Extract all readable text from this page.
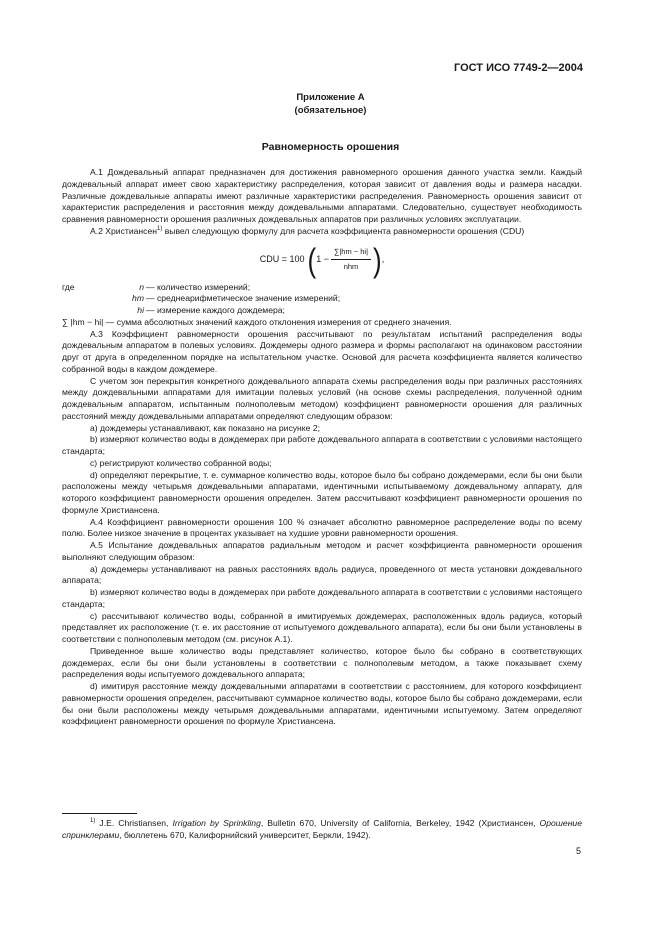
ГОСТ ИСО 7749-2—2004
Приложение А
(обязательное)
Равномерность орошения

А.1 Дождевальный аппарат предназначен для достижения равномерного орошения данного участка земли. Каждый дождевальный аппарат имеет свою характеристику распределения, которая зависит от давления воды и размера насадки. Различные дождевальные аппараты имеют различные характеристики распределения. Равномерность орошения зависит от характеристик распределения и расстояния между дождевальными аппаратами. Следовательно, существует необходимость сравнения равномерности орошения различных дождевальных аппаратов при различных условиях эксплуатации.

А.2 Христиансен$^{1)}$ вывел следующую формулу для расчета коэффициента равномерности орошения (CDU)

CDU = 100 ( $1 - \frac{\sum|hm - hi|}{\text{nhm}}$ ) ,
где	n — количество измерений;
hm — среднеарифметическое значение измерений;
hi — измерение каждого дождемера;

∑ |hm − hi| — сумма абсолютных значений каждого отклонения измерения от среднего значения.

А.3 Коэффициент равномерности орошения рассчитывают по результатам испытаний распределения воды дождевальным аппаратом в полевых условиях. Дождемеры одного размера и формы располагают на одинаковом расстоянии друг от друга в определенном порядке на испытательном участке. Основой для расчета коэффициента является количество собранной воды в каждом дождемере.

С учетом зон перекрытия конкретного дождевального аппарата схемы распределения воды при различных расстояниях между дождевальными аппаратами для имитации полевых условий (на основе схемы распределения, полученной одним дождевальным аппаратом, испытанным полнополевым методом) коэффициент равномерности орошения для различных расстояний между дождевальными аппаратами определяют следующим образом:

а) дождемеры устанавливают, как показано на рисунке 2;

b) измеряют количество воды в дождемерах при работе дождевального аппарата в соответствии с условиями настоящего стандарта;

с) регистрируют количество собранной воды;

d) определяют перекрытие, т. е. суммарное количество воды, которое было бы собрано дождемерами, если бы они были расположены между четырьмя дождевальными аппаратами, идентичными испытываемому дождевальному аппарату, для которого коэффициент равномерности орошения определен. Затем рассчитывают коэффициент равномерности орошения по формуле Христиансена.

А.4 Коэффициент равномерности орошения 100 % означает абсолютно равномерное распределение воды по всему полю. Более низкое значение в процентах указывает на худшие уровни равномерности орошения.

А.5 Испытание дождевальных аппаратов радиальным методом и расчет коэффициента равномерности орошения выполняют следующим образом:

а) дождемеры устанавливают на равных расстояниях вдоль радиуса, проведенного от места установки дождевального аппарата;

b) измеряют количество воды в дождемерах при работе дождевального аппарата в соответствии с условиями настоящего стандарта;

с) рассчитывают количество воды, собранной в имитируемых дождемерах, расположенных вдоль радиуса, который представляет их расположение (т. е. их расстояние от испытуемого дождевального аппарата), если бы они были установлены в соответствии с полнополевым методом (см. рисунок А.1).

Приведенное выше количество воды представляет количество, которое было бы собрано в соответствующих дождемерах, если бы они были установлены в соответствии с полнополевым методом, а также показывает схему распределения воды испытуемого дождевального аппарата;

d) имитируя расстояние между дождевальными аппаратами в соответствии с расстоянием, для которого коэффициент равномерности орошения определен, рассчитывают суммарное количество воды, которое было бы собрано дождемерами, если бы они были расположены между четырьмя дождевальными аппаратами, идентичными испытуемому. Затем определяют коэффициент равномерности орошения по формуле Христиансена.

$^{1)}$ J.E. Christiansen, Irrigation by Sprinkling, Bulletin 670, University of California, Berkeley, 1942 (Христиансен, Орошение спринклерами, бюллетень 670, Калифорнийский университет, Беркли, 1942).
5
